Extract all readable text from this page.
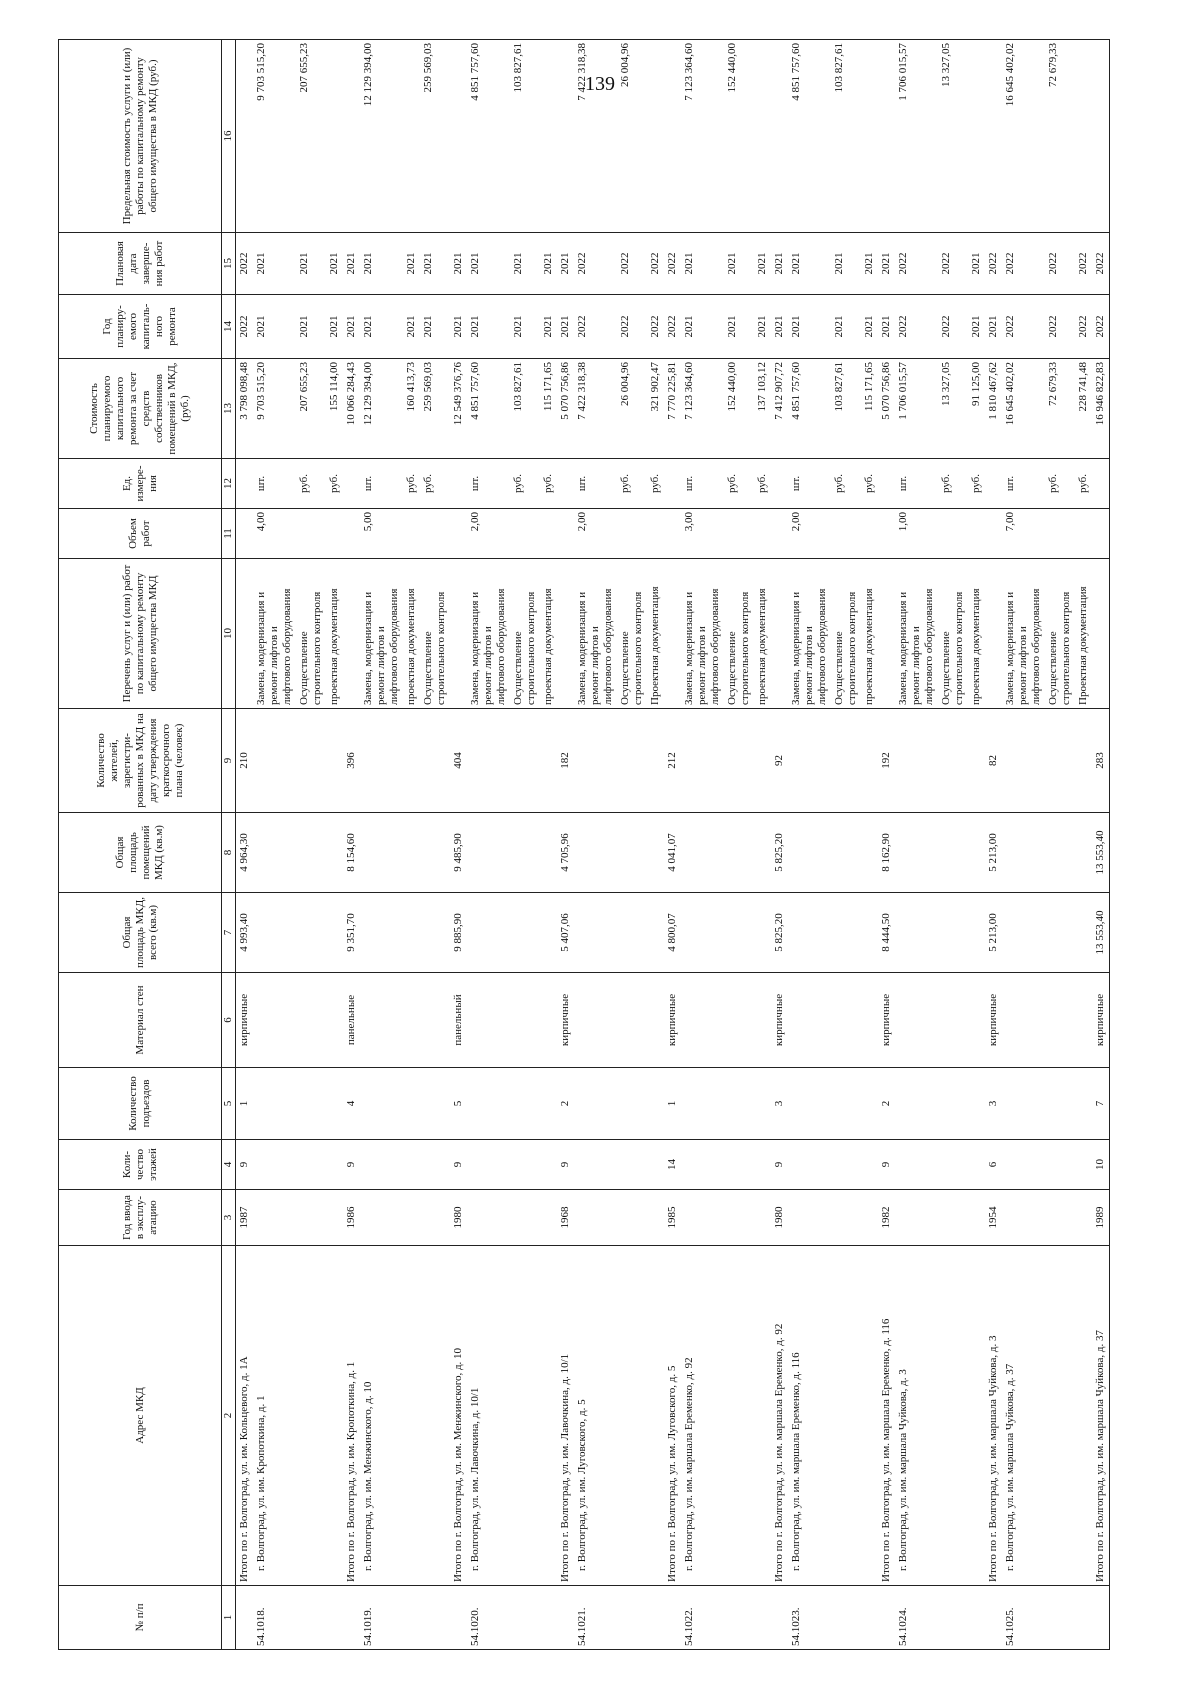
139
№ п/п	Адрес МКД	Год ввода в эксплу-атацию	Коли-чество этажей	Количество подъездов	Материал стен	Общая площадь МКД, всего (кв.м)	Общая площадь помещений МКД (кв.м)	Количество жителей, зарегистри-рованных в МКД на дату утверждения краткосрочного плана (человек)	Перечень услуг и (или) работ по капитальному ремонту общего имущества МКД	Объем работ	Ед. измере-ния	Стоимость планируемого капитального ремонта за счет средств собственников помещений в МКД, (руб.)	Год планиру-емого капиталь-ного ремонта	Плановая дата заверше-ния работ	Предельная стоимость услуги и (или) работы по капитальному ремонту общего имущества в МКД (руб.)
1	2	3	4	5	6	7	8	9	10	11	12	13	14	15	16
	Итого по г. Волгоград, ул. им. Кольцевого, д. 1А	1987	9	1	кирпичные	4 993,40	4 964,30	210				3 798 098,48	2022	2022	
54.1018.	г. Волгоград, ул. им. Кропоткина, д. 1								Замена, модернизация и
ремонт лифтов и
лифтового оборудования	4,00	шт.	9 703 515,20	2021	2021	9 703 515,20
									Осуществление
строительного контроля		руб.	207 655,23	2021	2021	207 655,23
									проектная документация		руб.	155 114,00	2021	2021	
	Итого по г. Волгоград, ул. им. Кропоткина, д. 1	1986	9	4	панельные	9 351,70	8 154,60	396				10 066 284,43	2021	2021	
54.1019.	г. Волгоград, ул. им. Менжинского, д. 10								Замена, модернизация и
ремонт лифтов и
лифтового оборудования	5,00	шт.	12 129 394,00	2021	2021	12 129 394,00
									проектная документация		руб.	160 413,73	2021	2021	
									Осуществление
строительного контроля		руб.	259 569,03	2021	2021	259 569,03
	Итого по г. Волгоград, ул. им. Менжинского, д. 10	1980	9	5	панельный	9 885,90	9 485,90	404				12 549 376,76	2021	2021	
54.1020.	г. Волгоград, ул. им. Лавочкина, д. 10/1								Замена, модернизация и
ремонт лифтов и
лифтового оборудования	2,00	шт.	4 851 757,60	2021	2021	4 851 757,60
									Осуществление
строительного контроля		руб.	103 827,61	2021	2021	103 827,61
									проектная документация		руб.	115 171,65	2021	2021	
	Итого по г. Волгоград, ул. им. Лавочкина, д. 10/1	1968	9	2	кирпичные	5 407,06	4 705,96	182				5 070 756,86	2021	2021	
54.1021.	г. Волгоград, ул. им. Луговского, д. 5								Замена, модернизация и
ремонт лифтов и
лифтового оборудования	2,00	шт.	7 422 318,38	2022	2022	7 422 318,38
									Осуществление
строительного контроля		руб.	26 004,96	2022	2022	26 004,96
									Проектная документация		руб.	321 902,47	2022	2022	
	Итого по г. Волгоград, ул. им. Луговского, д. 5	1985	14	1	кирпичные	4 800,07	4 041,07	212				7 770 225,81	2022	2022	
54.1022.	г. Волгоград, ул. им. маршала Еременко, д. 92								Замена, модернизация и
ремонт лифтов и
лифтового оборудования	3,00	шт.	7 123 364,60	2021	2021	7 123 364,60
									Осуществление
строительного контроля		руб.	152 440,00	2021	2021	152 440,00
									проектная документация		руб.	137 103,12	2021	2021	
	Итого по г. Волгоград, ул. им. маршала Еременко, д. 92	1980	9	3	кирпичные	5 825,20	5 825,20	92				7 412 907,72	2021	2021	
54.1023.	г. Волгоград, ул. им. маршала Еременко, д. 116								Замена, модернизация и
ремонт лифтов и
лифтового оборудования	2,00	шт.	4 851 757,60	2021	2021	4 851 757,60
									Осуществление
строительного контроля		руб.	103 827,61	2021	2021	103 827,61
									проектная документация		руб.	115 171,65	2021	2021	
	Итого по г. Волгоград, ул. им. маршала Еременко, д. 116	1982	9	2	кирпичные	8 444,50	8 162,90	192				5 070 756,86	2021	2021	
54.1024.	г. Волгоград, ул. им. маршала Чуйкова, д. 3								Замена, модернизация и
ремонт лифтов и
лифтового оборудования	1,00	шт.	1 706 015,57	2022	2022	1 706 015,57
									Осуществление
строительного контроля		руб.	13 327,05	2022	2022	13 327,05
									проектная документация		руб.	91 125,00	2021	2021	
	Итого по г. Волгоград, ул. им. маршала Чуйкова, д. 3	1954	6	3	кирпичные	5 213,00	5 213,00	82				1 810 467,62	2021	2022	
54.1025.	г. Волгоград, ул. им. маршала Чуйкова, д. 37								Замена, модернизация и
ремонт лифтов и
лифтового оборудования	7,00	шт.	16 645 402,02	2022	2022	16 645 402,02
									Осуществление
строительного контроля		руб.	72 679,33	2022	2022	72 679,33
									Проектная документация		руб.	228 741,48	2022	2022	
	Итого по г. Волгоград, ул. им. маршала Чуйкова, д. 37	1989	10	7	кирпичные	13 553,40	13 553,40	283				16 946 822,83	2022	2022	
